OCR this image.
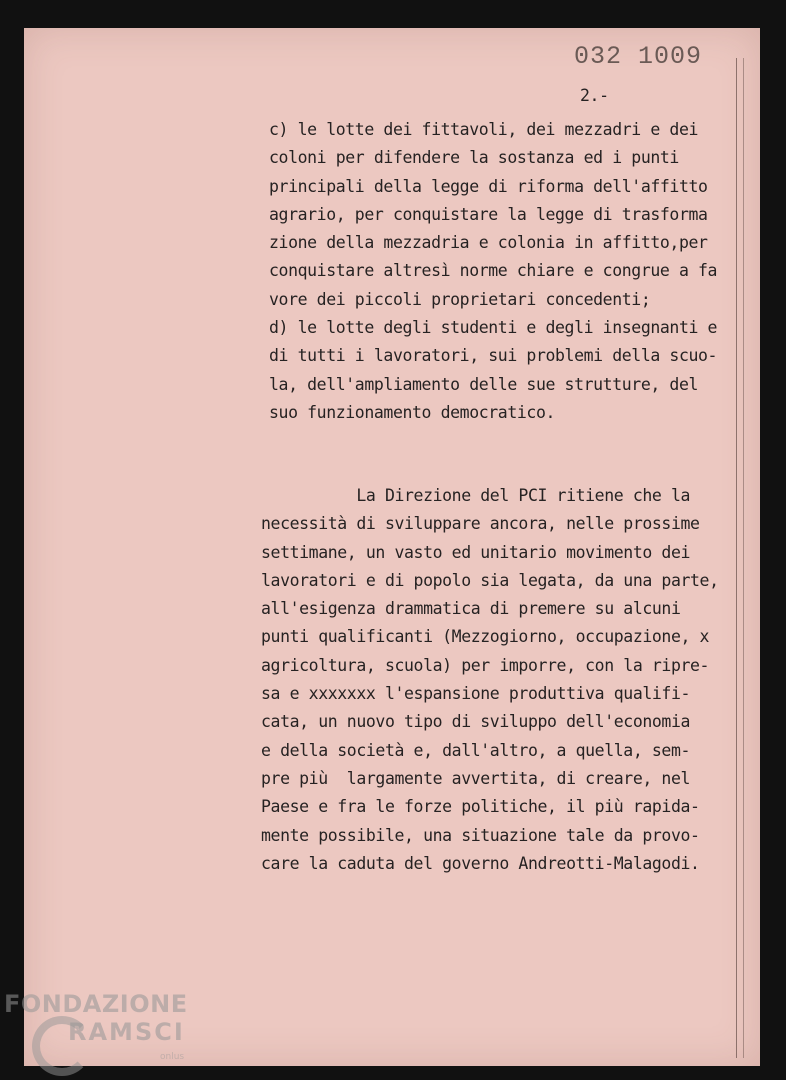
032 1009
2.-
c) le lotte dei fittavoli, dei mezzadri e dei
coloni per difendere la sostanza ed i punti
principali della legge di riforma dell'affitto
agrario, per conquistare la legge di trasforma
zione della mezzadria e colonia in affitto,per
conquistare altresì norme chiare e congrue a fa
vore dei piccoli proprietari concedenti;
d) le lotte degli studenti e degli insegnanti e
di tutti i lavoratori, sui problemi della scuo-
la, dell'ampliamento delle sue strutture, del
suo funzionamento democratico.
La Direzione del PCI ritiene che la
necessità di sviluppare ancora, nelle prossime
settimane, un vasto ed unitario movimento dei
lavoratori e di popolo sia legata, da una parte,
all'esigenza drammatica di premere su alcuni
punti qualificanti (Mezzogiorno, occupazione, x
agricoltura, scuola) per imporre, con la ripre-
sa e xxxxxxx l'espansione produttiva qualifi-
cata, un nuovo tipo di sviluppo dell'economia
e della società e, dall'altro, a quella, sem-
pre più  largamente avvertita, di creare, nel
Paese e fra le forze politiche, il più rapida-
mente possibile, una situazione tale da provo-
care la caduta del governo Andreotti-Malagodi.
FONDAZIONE
RAMSCI
onlus
